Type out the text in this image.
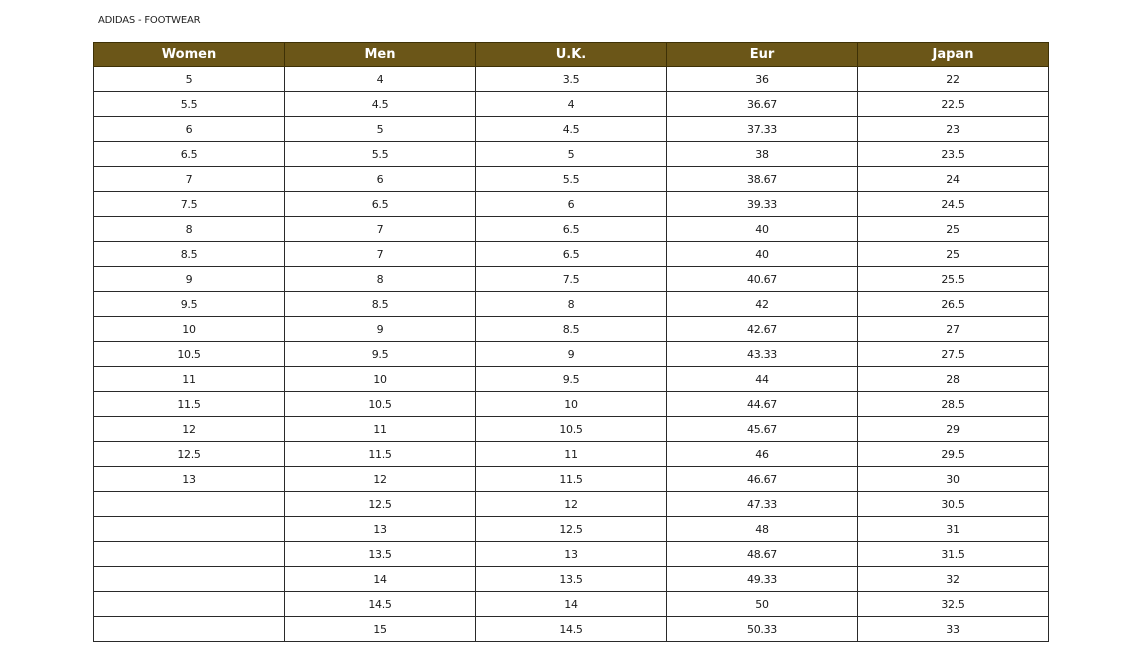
ADIDAS - FOOTWEAR
Women	Men	U.K.	Eur	Japan
5	4	3.5	36	22
5.5	4.5	4	36.67	22.5
6	5	4.5	37.33	23
6.5	5.5	5	38	23.5
7	6	5.5	38.67	24
7.5	6.5	6	39.33	24.5
8	7	6.5	40	25
8.5	7	6.5	40	25
9	8	7.5	40.67	25.5
9.5	8.5	8	42	26.5
10	9	8.5	42.67	27
10.5	9.5	9	43.33	27.5
11	10	9.5	44	28
11.5	10.5	10	44.67	28.5
12	11	10.5	45.67	29
12.5	11.5	11	46	29.5
13	12	11.5	46.67	30
	12.5	12	47.33	30.5
	13	12.5	48	31
	13.5	13	48.67	31.5
	14	13.5	49.33	32
	14.5	14	50	32.5
	15	14.5	50.33	33
